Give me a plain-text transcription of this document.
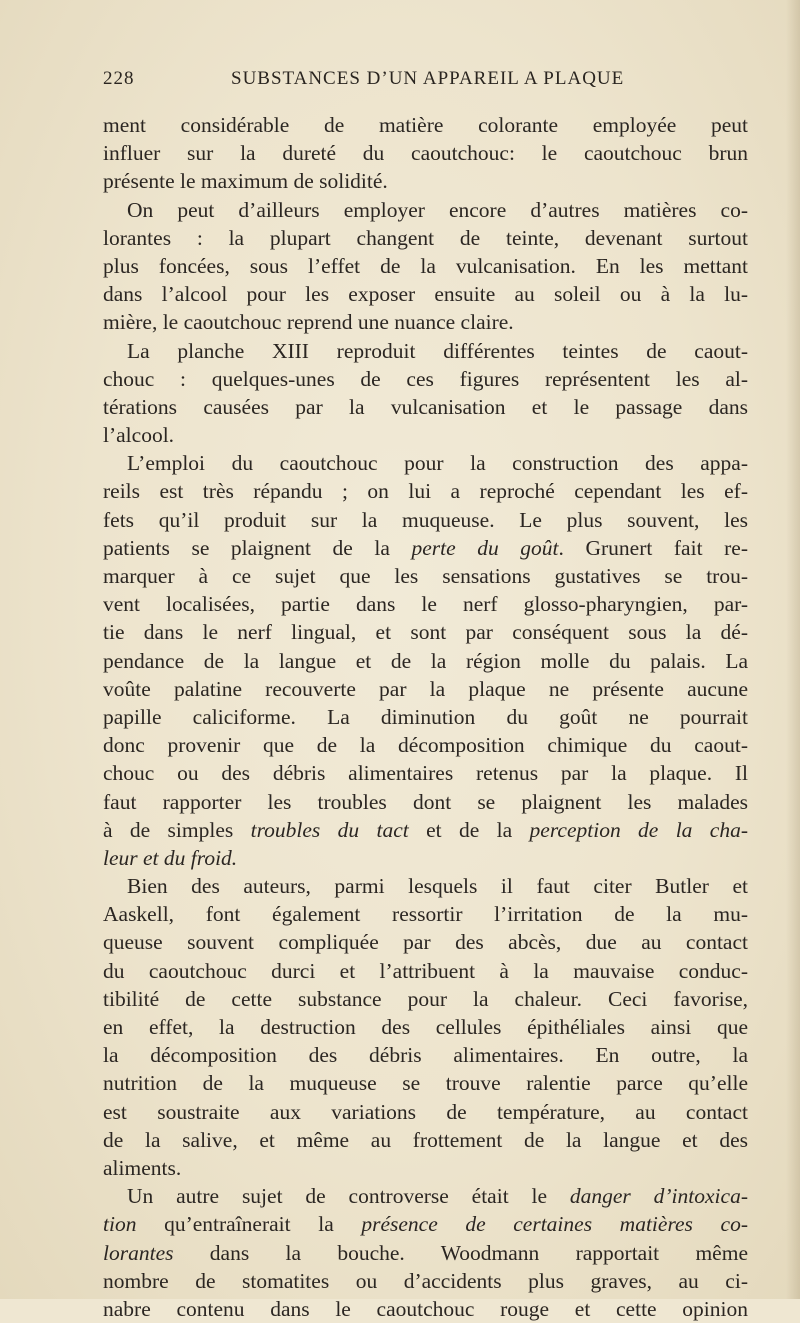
228	SUBSTANCES D’UN APPAREIL A PLAQUE
ment considérable de matière colorante employée peut
influer sur la dureté du caoutchouc: le caoutchouc brun
présente le maximum de solidité.
On peut d’ailleurs employer encore d’autres matières co-
lorantes : la plupart changent de teinte, devenant surtout
plus foncées, sous l’effet de la vulcanisation. En les mettant
dans l’alcool pour les exposer ensuite au soleil ou à la lu-
mière, le caoutchouc reprend une nuance claire.
La planche XIII reproduit différentes teintes de caout-
chouc : quelques-unes de ces figures représentent les al-
térations causées par la vulcanisation et le passage dans
l’alcool.
L’emploi du caoutchouc pour la construction des appa-
reils est très répandu ; on lui a reproché cependant les ef-
fets qu’il produit sur la muqueuse. Le plus souvent, les
patients se plaignent de la perte du goût. Grunert fait re-
marquer à ce sujet que les sensations gustatives se trou-
vent localisées, partie dans le nerf glosso-pharyngien, par-
tie dans le nerf lingual, et sont par conséquent sous la dé-
pendance de la langue et de la région molle du palais. La
voûte palatine recouverte par la plaque ne présente aucune
papille caliciforme. La diminution du goût ne pourrait
donc provenir que de la décomposition chimique du caout-
chouc ou des débris alimentaires retenus par la plaque. Il
faut rapporter les troubles dont se plaignent les malades
à de simples troubles du tact et de la perception de la cha-
leur et du froid.
Bien des auteurs, parmi lesquels il faut citer Butler et
Aaskell, font également ressortir l’irritation de la mu-
queuse souvent compliquée par des abcès, due au contact
du caoutchouc durci et l’attribuent à la mauvaise conduc-
tibilité de cette substance pour la chaleur. Ceci favorise,
en effet, la destruction des cellules épithéliales ainsi que
la décomposition des débris alimentaires. En outre, la
nutrition de la muqueuse se trouve ralentie parce qu’elle
est soustraite aux variations de température, au contact
de la salive, et même au frottement de la langue et des
aliments.
Un autre sujet de controverse était le danger d’intoxica-
tion qu’entraînerait la présence de certaines matières co-
lorantes dans la bouche. Woodmann rapportait même
nombre de stomatites ou d’accidents plus graves, au ci-
nabre contenu dans le caoutchouc rouge et cette opinion
